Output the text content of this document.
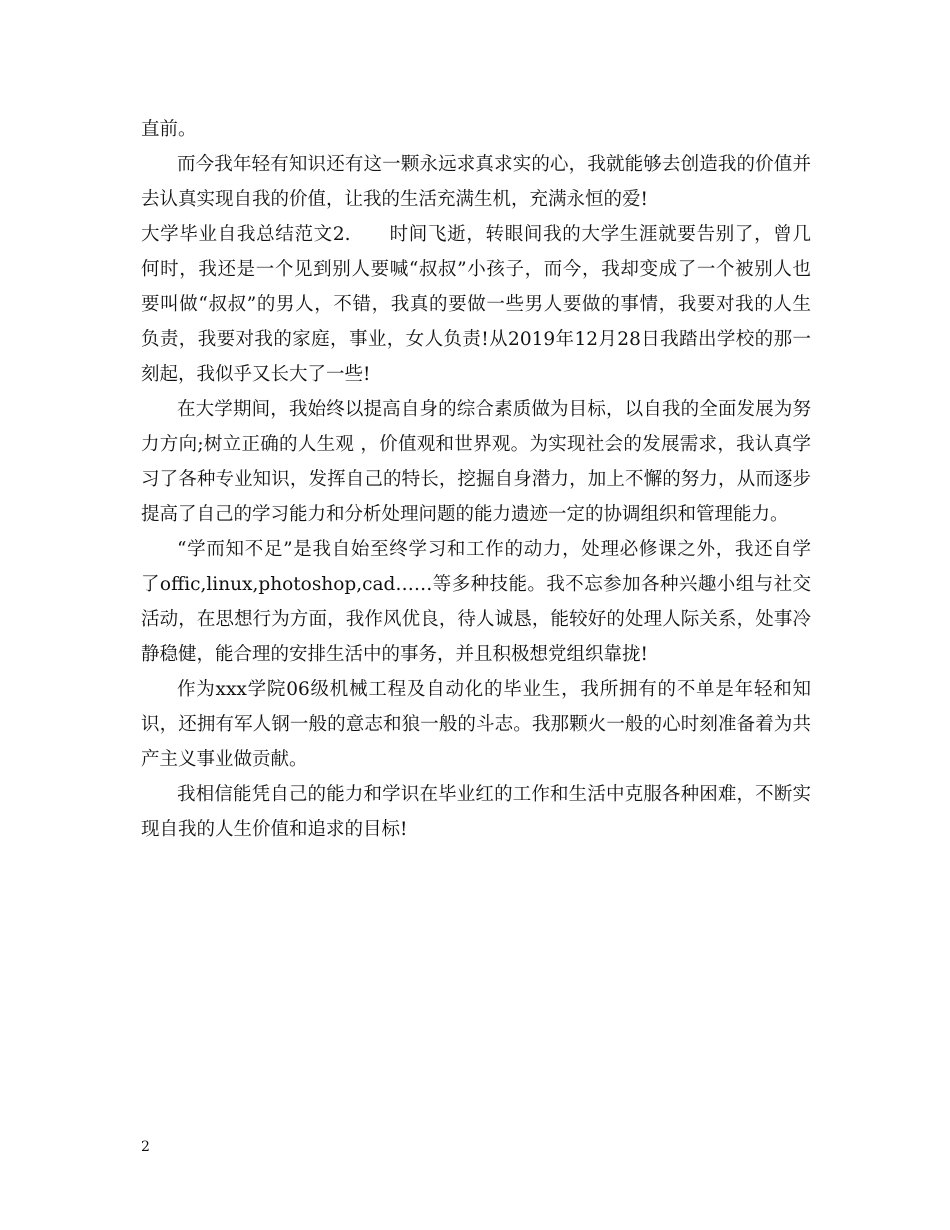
直前。

而今我年轻有知识还有这一颗永远求真求实的心，我就能够去创造我的价值并

去认真实现自我的价值，让我的生活充满生机，充满永恒的爱!

大学毕业自我总结范文2.　　时间飞逝，转眼间我的大学生涯就要告别了，曾几

何时，我还是一个见到别人要喊“叔叔”小孩子，而今，我却变成了一个被别人也

要叫做“叔叔”的男人，不错，我真的要做一些男人要做的事情，我要对我的人生

负责，我要对我的家庭，事业，女人负责!从2019年12月28日我踏出学校的那一

刻起，我似乎又长大了一些!

在大学期间，我始终以提高自身的综合素质做为目标，以自我的全面发展为努

力方向;树立正确的人生观 ，价值观和世界观。为实现社会的发展需求，我认真学

习了各种专业知识，发挥自己的特长，挖掘自身潜力，加上不懈的努力，从而逐步

提高了自己的学习能力和分析处理问题的能力遗迹一定的协调组织和管理能力。

“学而知不足”是我自始至终学习和工作的动力，处理必修课之外，我还自学

了offic,linux,photoshop,cad……等多种技能。我不忘参加各种兴趣小组与社交

活动，在思想行为方面，我作风优良，待人诚恳，能较好的处理人际关系，处事冷

静稳健，能合理的安排生活中的事务，并且积极想党组织靠拢!

作为xxx学院06级机械工程及自动化的毕业生，我所拥有的不单是年轻和知

识，还拥有军人钢一般的意志和狼一般的斗志。我那颗火一般的心时刻准备着为共

产主义事业做贡献。

我相信能凭自己的能力和学识在毕业红的工作和生活中克服各种困难，不断实

现自我的人生价值和追求的目标!

2
